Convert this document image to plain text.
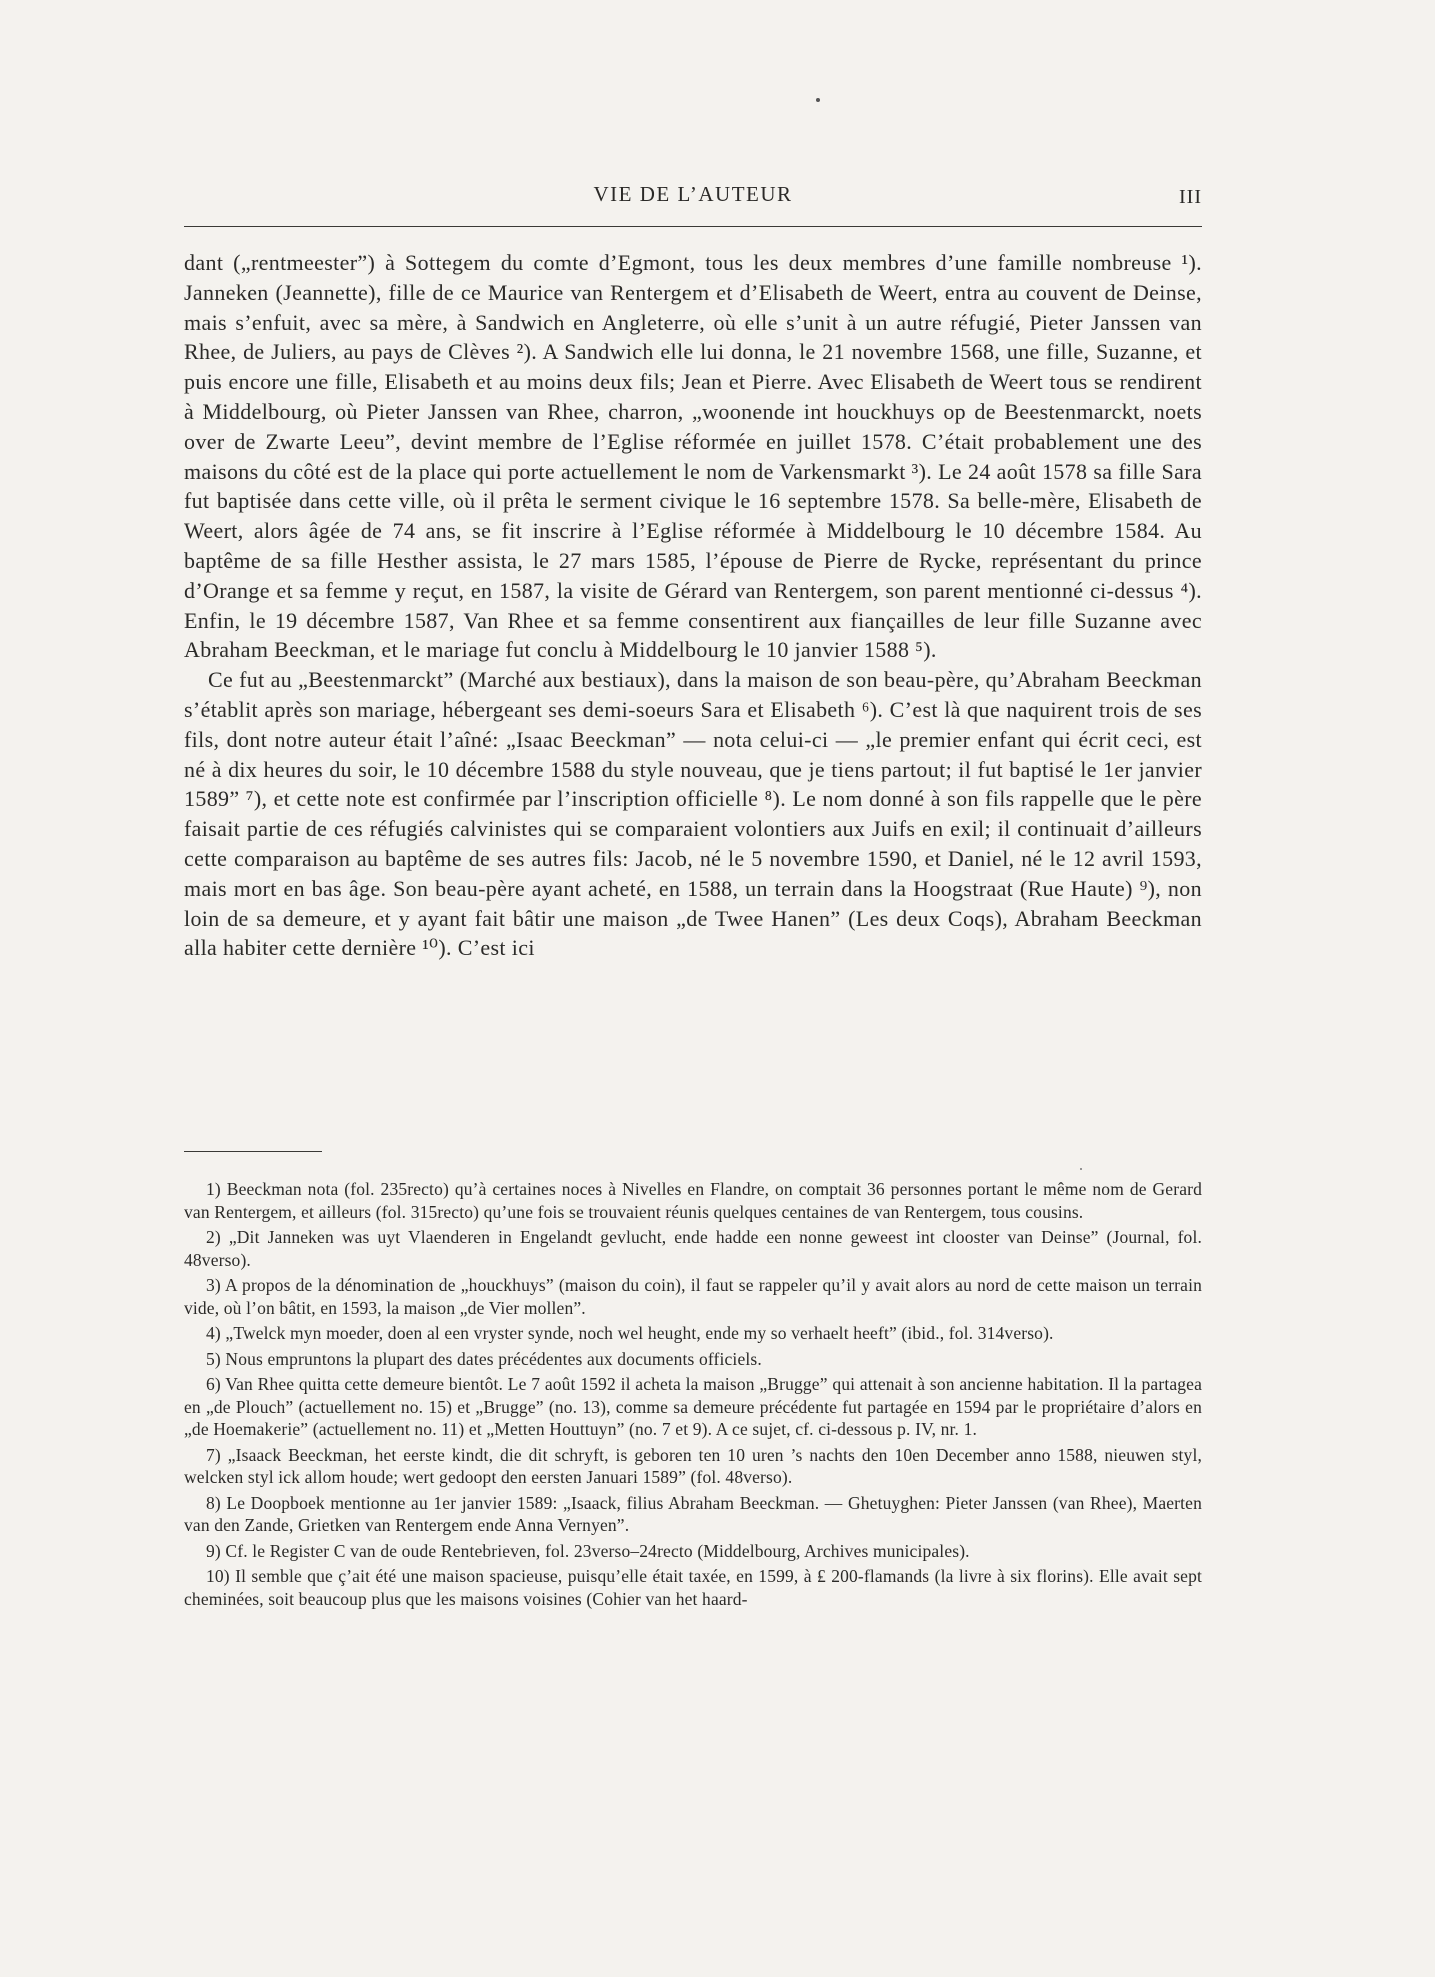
VIE DE L’AUTEUR	III

dant („rentmeester”) à Sottegem du comte d’Egmont, tous les deux membres d’une famille nombreuse ¹). Janneken (Jeannette), fille de ce Maurice van Rentergem et d’Elisabeth de Weert, entra au couvent de Deinse, mais s’enfuit, avec sa mère, à Sandwich en Angleterre, où elle s’unit à un autre réfugié, Pieter Janssen van Rhee, de Juliers, au pays de Clèves ²). A Sandwich elle lui donna, le 21 novembre 1568, une fille, Suzanne, et puis encore une fille, Elisabeth et au moins deux fils; Jean et Pierre. Avec Elisabeth de Weert tous se rendirent à Middelbourg, où Pieter Janssen van Rhee, charron, „woonende int houckhuys op de Beestenmarckt, noets over de Zwarte Leeu”, devint membre de l’Eglise réformée en juillet 1578. C’était probablement une des maisons du côté est de la place qui porte actuellement le nom de Varkensmarkt ³). Le 24 août 1578 sa fille Sara fut baptisée dans cette ville, où il prêta le serment civique le 16 septembre 1578. Sa belle-mère, Elisabeth de Weert, alors âgée de 74 ans, se fit inscrire à l’Eglise réformée à Middelbourg le 10 décembre 1584. Au baptême de sa fille Hesther assista, le 27 mars 1585, l’épouse de Pierre de Rycke, représentant du prince d’Orange et sa femme y reçut, en 1587, la visite de Gérard van Rentergem, son parent mentionné ci-dessus ⁴). Enfin, le 19 décembre 1587, Van Rhee et sa femme consentirent aux fiançailles de leur fille Suzanne avec Abraham Beeckman, et le mariage fut conclu à Middelbourg le 10 janvier 1588 ⁵).

Ce fut au „Beestenmarckt” (Marché aux bestiaux), dans la maison de son beau-père, qu’Abraham Beeckman s’établit après son mariage, hébergeant ses demi-soeurs Sara et Elisabeth ⁶). C’est là que naquirent trois de ses fils, dont notre auteur était l’aîné: „Isaac Beeckman” — nota celui-ci — „le premier enfant qui écrit ceci, est né à dix heures du soir, le 10 décembre 1588 du style nouveau, que je tiens partout; il fut baptisé le 1er janvier 1589” ⁷), et cette note est confirmée par l’inscription officielle ⁸). Le nom donné à son fils rappelle que le père faisait partie de ces réfugiés calvinistes qui se comparaient volontiers aux Juifs en exil; il continuait d’ailleurs cette comparaison au baptême de ses autres fils: Jacob, né le 5 novembre 1590, et Daniel, né le 12 avril 1593, mais mort en bas âge. Son beau-père ayant acheté, en 1588, un terrain dans la Hoogstraat (Rue Haute) ⁹), non loin de sa demeure, et y ayant fait bâtir une maison „de Twee Hanen” (Les deux Coqs), Abraham Beeckman alla habiter cette dernière ¹⁰). C’est ici

1) Beeckman nota (fol. 235recto) qu’à certaines noces à Nivelles en Flandre, on comptait 36 personnes portant le même nom de Gerard van Rentergem, et ailleurs (fol. 315recto) qu’une fois se trouvaient réunis quelques centaines de van Rentergem, tous cousins.

2) „Dit Janneken was uyt Vlaenderen in Engelandt gevlucht, ende hadde een nonne geweest int clooster van Deinse” (Journal, fol. 48verso).

3) A propos de la dénomination de „houckhuys” (maison du coin), il faut se rappeler qu’il y avait alors au nord de cette maison un terrain vide, où l’on bâtit, en 1593, la maison „de Vier mollen”.

4) „Twelck myn moeder, doen al een vryster synde, noch wel heught, ende my so verhaelt heeft” (ibid., fol. 314verso).

5) Nous empruntons la plupart des dates précédentes aux documents officiels.

6) Van Rhee quitta cette demeure bientôt. Le 7 août 1592 il acheta la maison „Brugge” qui attenait à son ancienne habitation. Il la partagea en „de Plouch” (actuellement no. 15) et „Brugge” (no. 13), comme sa demeure précédente fut partagée en 1594 par le propriétaire d’alors en „de Hoemakerie” (actuellement no. 11) et „Metten Houttuyn” (no. 7 et 9). A ce sujet, cf. ci-dessous p. IV, nr. 1.

7) „Isaack Beeckman, het eerste kindt, die dit schryft, is geboren ten 10 uren ’s nachts den 10en December anno 1588, nieuwen styl, welcken styl ick allom houde; wert gedoopt den eersten Januari 1589” (fol. 48verso).

8) Le Doopboek mentionne au 1er janvier 1589: „Isaack, filius Abraham Beeckman. — Ghetuyghen: Pieter Janssen (van Rhee), Maerten van den Zande, Grietken van Rentergem ende Anna Vernyen”.

9) Cf. le Register C van de oude Rentebrieven, fol. 23verso–24recto (Middelbourg, Archives municipales).

10) Il semble que ç’ait été une maison spacieuse, puisqu’elle était taxée, en 1599, à ₤ 200-flamands (la livre à six florins). Elle avait sept cheminées, soit beaucoup plus que les maisons voisines (Cohier van het haard-
